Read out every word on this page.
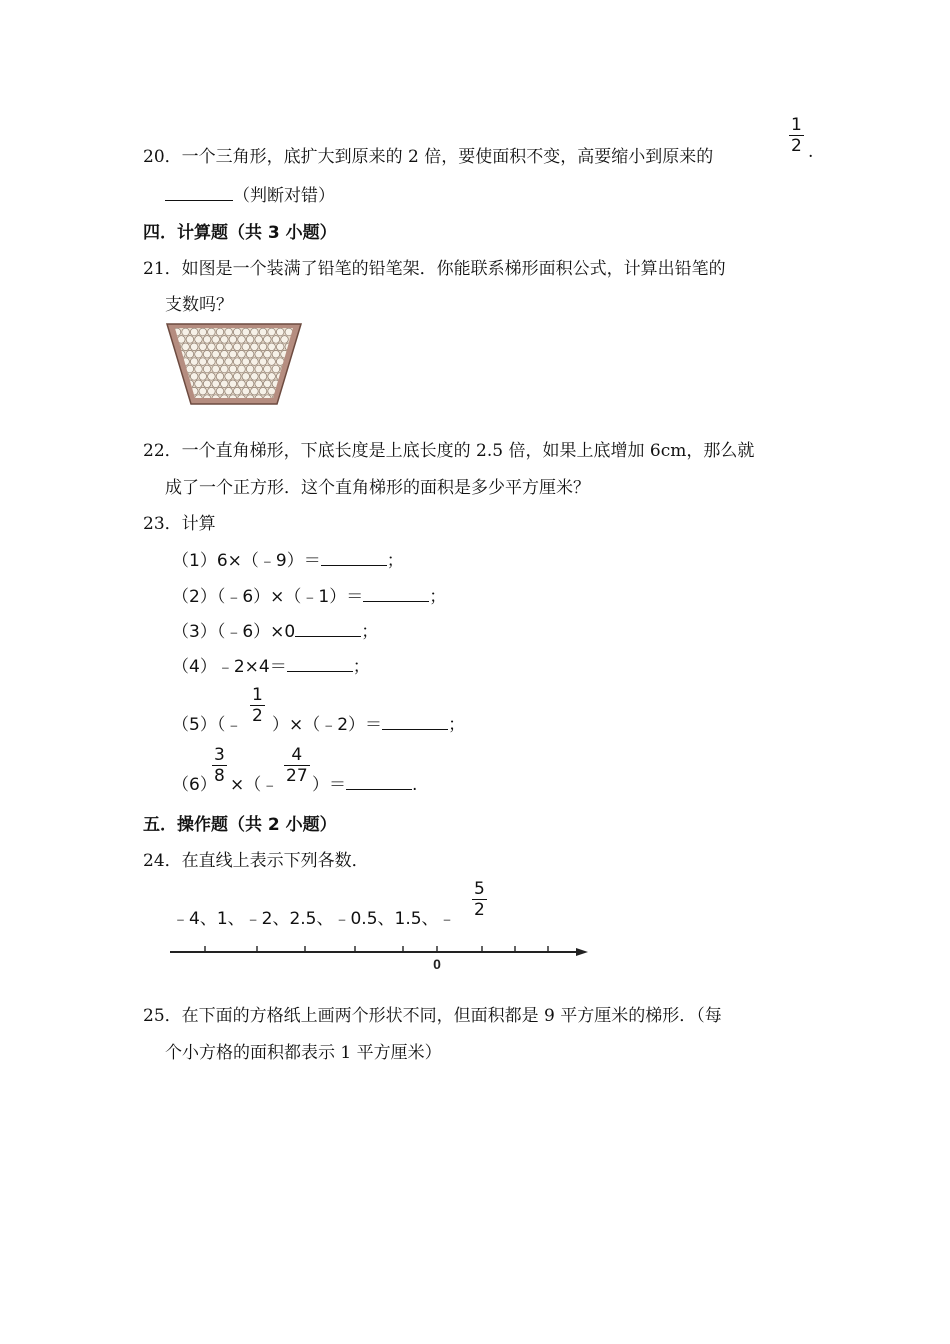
20．一个三角形，底扩大到原来的 2 倍，要使面积不变，高要缩小到原来的
1
2 .
（判断对错）
四．计算题（共 3 小题）
21．如图是一个装满了铅笔的铅笔架．你能联系梯形面积公式，计算出铅笔的
支数吗？
22．一个直角梯形，下底长度是上底长度的 2.5 倍，如果上底增加 6cm，那么就
成了一个正方形．这个直角梯形的面积是多少平方厘米？
23．计算
（1）6×（﹣9）＝	；
（2）（﹣6）×（﹣1）＝	；
（3）（﹣6）×0	；
（4）﹣2×4＝	；
（5）（﹣
1
2 ）×（﹣2）＝	；
（6）
3
8 ×（﹣
4
27 ）＝	.
五．操作题（共 2 小题）
24．在直线上表示下列各数．
﹣4、1、﹣2、2.5、﹣0.5、1.5、﹣
5
2
0
25．在下面的方格纸上画两个形状不同，但面积都是 9 平方厘米的梯形．（每
个小方格的面积都表示 1 平方厘米）
